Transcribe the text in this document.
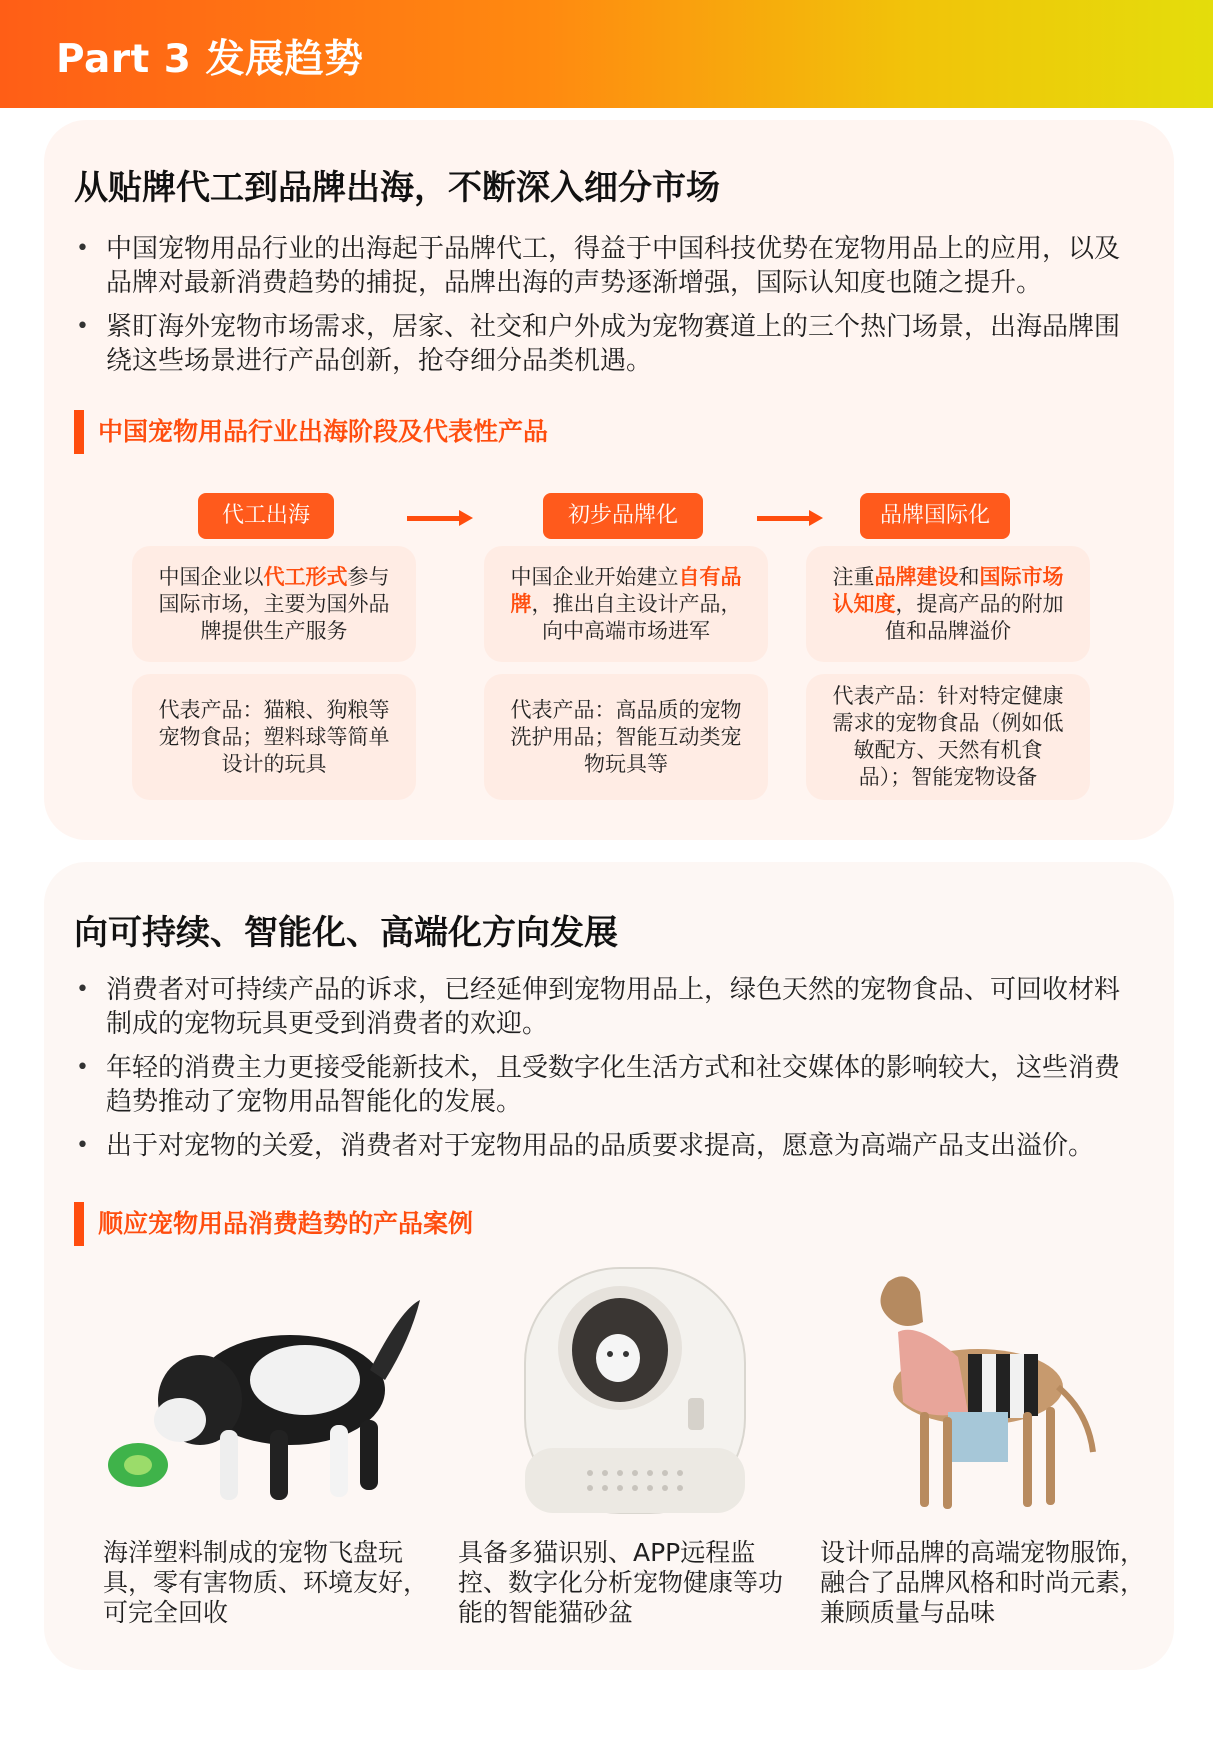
Part 3 发展趋势
从贴牌代工到品牌出海，不断深入细分市场
• 中国宠物用品行业的出海起于品牌代工，得益于中国科技优势在宠物用品上的应用，以及品牌对最新消费趋势的捕捉，品牌出海的声势逐渐增强，国际认知度也随之提升。
• 紧盯海外宠物市场需求，居家、社交和户外成为宠物赛道上的三个热门场景，出海品牌围绕这些场景进行产品创新，抢夺细分品类机遇。
中国宠物用品行业出海阶段及代表性产品
代工出海	初步品牌化	品牌国际化
中国企业以代工形式参与国际市场，主要为国外品牌提供生产服务
中国企业开始建立自有品牌，推出自主设计产品，向中高端市场进军
注重品牌建设和国际市场认知度，提高产品的附加值和品牌溢价
代表产品：猫粮、狗粮等宠物食品；塑料球等简单设计的玩具
代表产品：高品质的宠物洗护用品；智能互动类宠物玩具等
代表产品：针对特定健康需求的宠物食品（例如低敏配方、天然有机食品）；智能宠物设备
向可持续、智能化、高端化方向发展
• 消费者对可持续产品的诉求，已经延伸到宠物用品上，绿色天然的宠物食品、可回收材料制成的宠物玩具更受到消费者的欢迎。
• 年轻的消费主力更接受能新技术，且受数字化生活方式和社交媒体的影响较大，这些消费趋势推动了宠物用品智能化的发展。
• 出于对宠物的关爱，消费者对于宠物用品的品质要求提高，愿意为高端产品支出溢价。
顺应宠物用品消费趋势的产品案例
海洋塑料制成的宠物飞盘玩具，零有害物质、环境友好，可完全回收
具备多猫识别、APP远程监控、数字化分析宠物健康等功能的智能猫砂盆
设计师品牌的高端宠物服饰，融合了品牌风格和时尚元素，兼顾质量与品味
